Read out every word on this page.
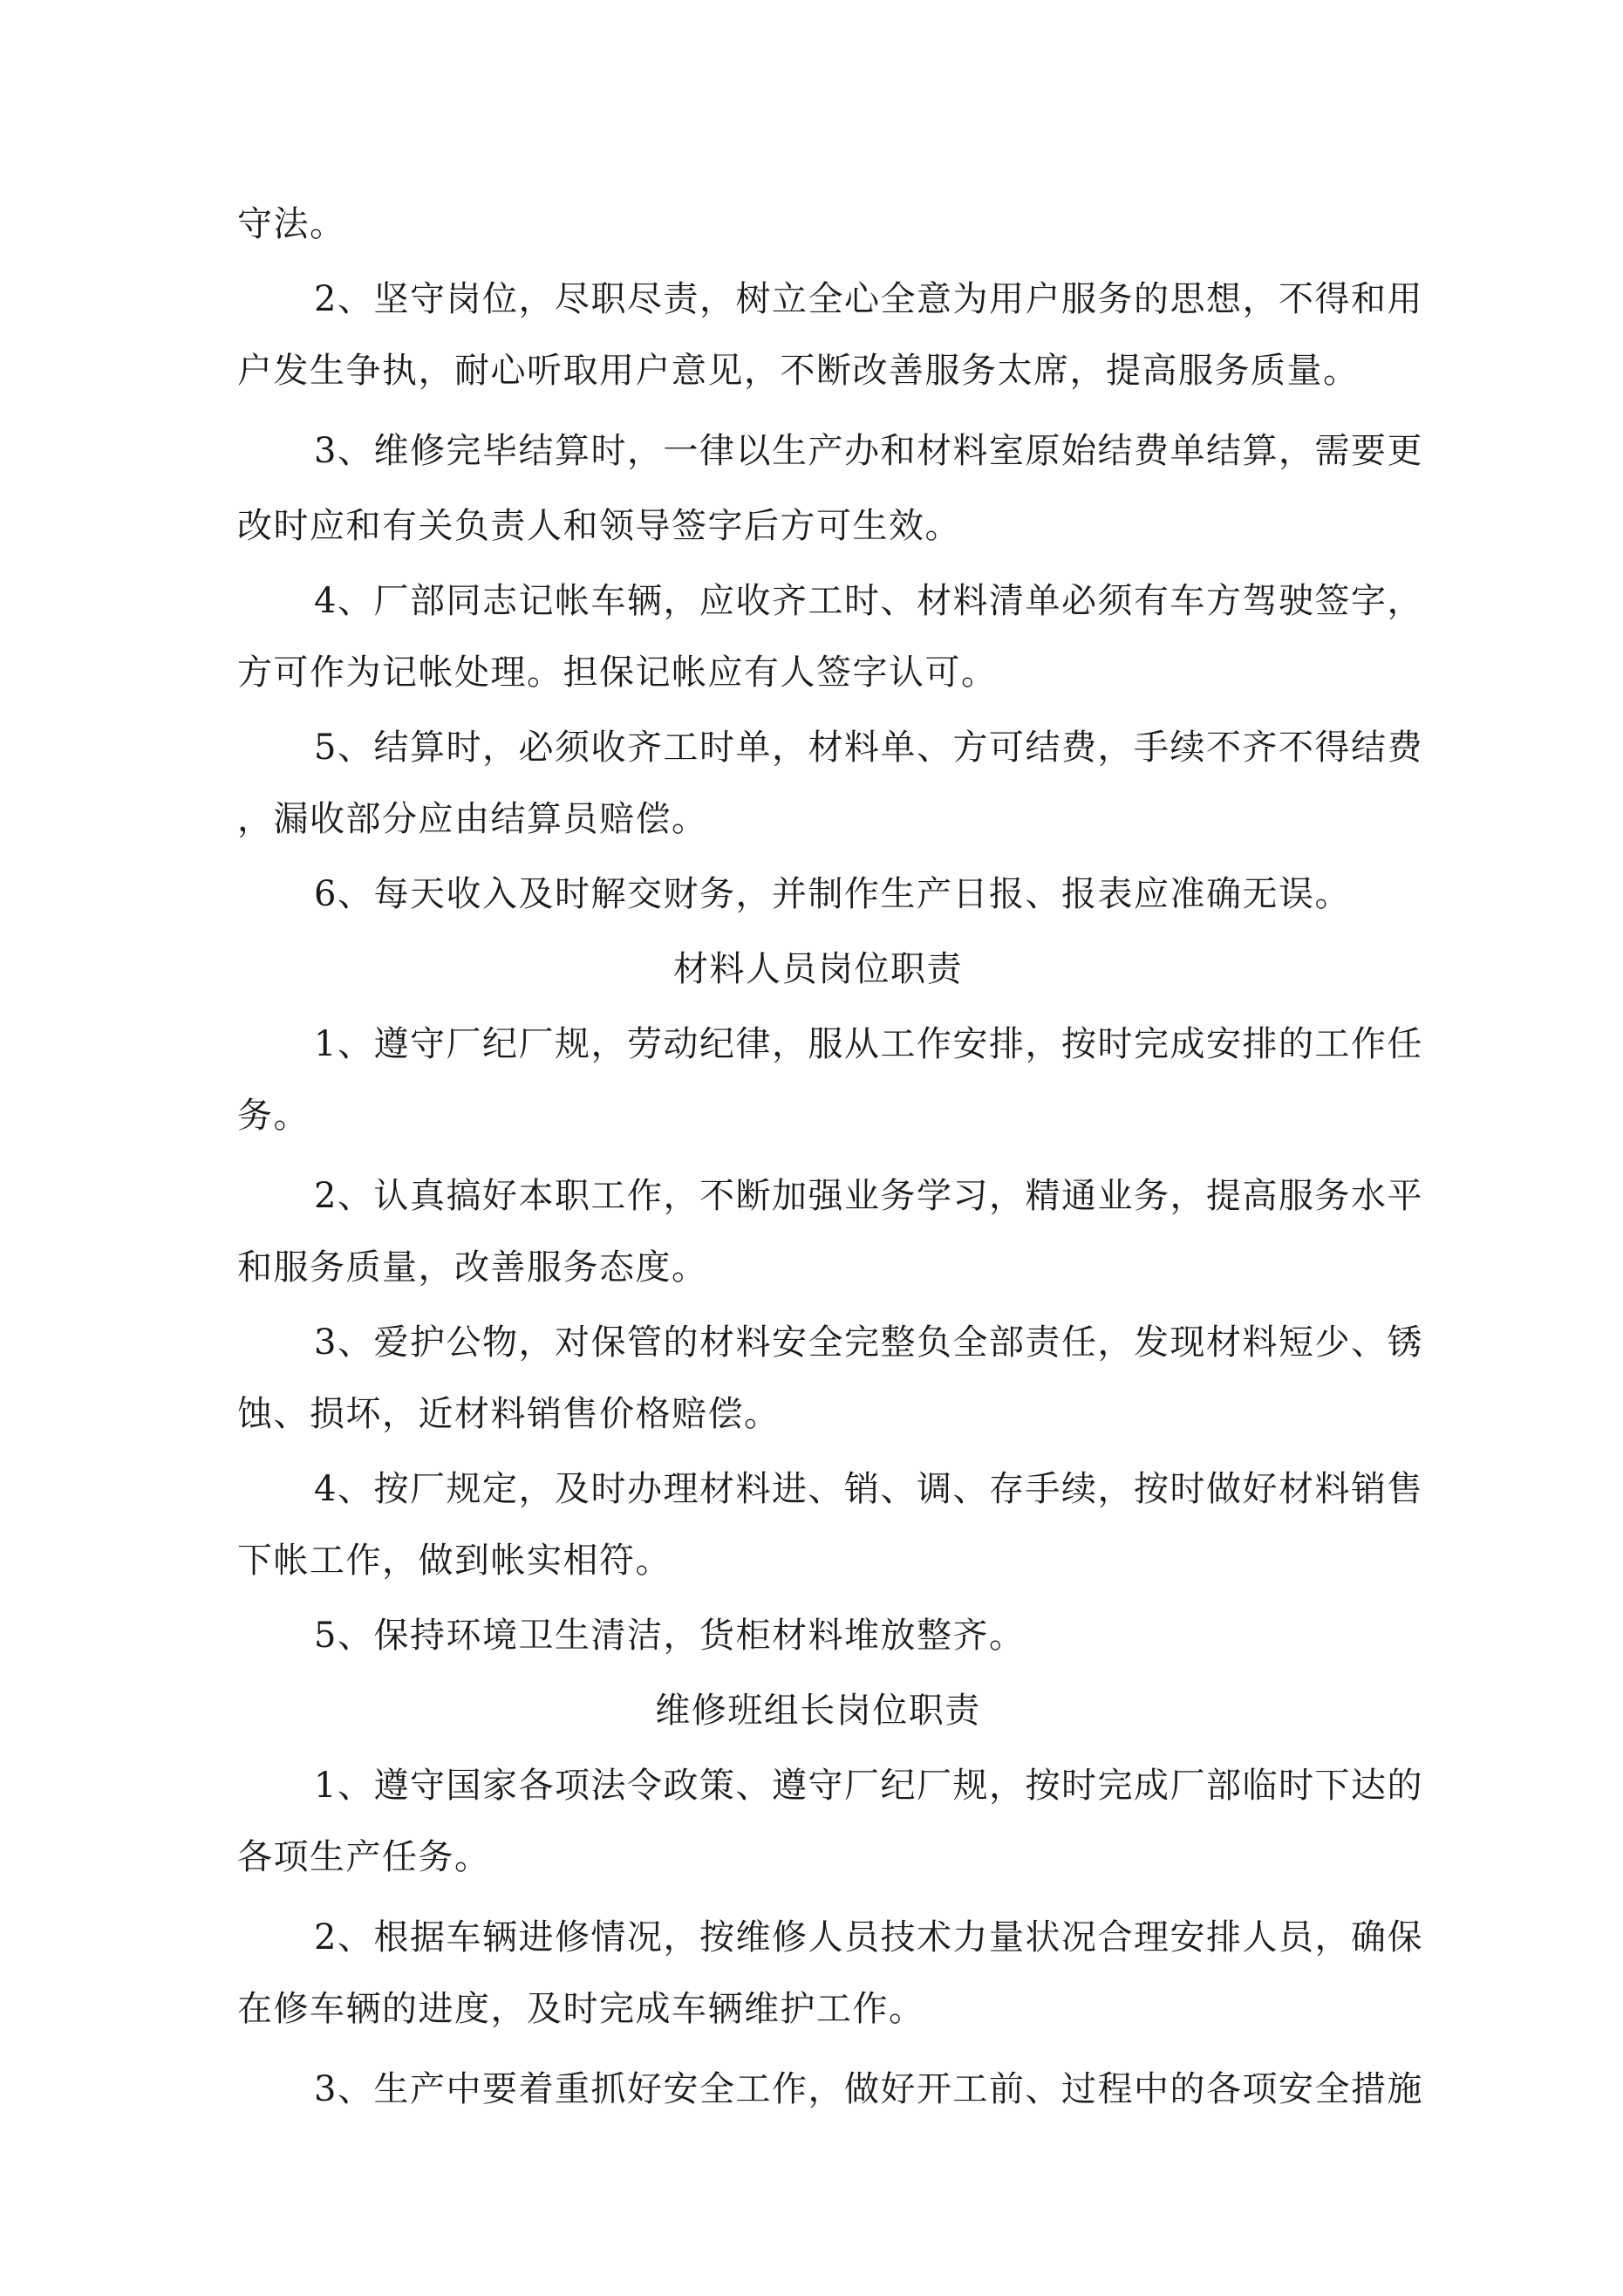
守法。
2、坚守岗位，尽职尽责，树立全心全意为用户服务的思想，不得和用
户发生争执，耐心听取用户意见，不断改善服务太席，提高服务质量。
3、维修完毕结算时，一律以生产办和材料室原始结费单结算，需要更
改时应和有关负责人和领导签字后方可生效。
4、厂部同志记帐车辆，应收齐工时、材料清单必须有车方驾驶签字，
方可作为记帐处理。担保记帐应有人签字认可。
5、结算时，必须收齐工时单，材料单、方可结费，手续不齐不得结费
，漏收部分应由结算员赔偿。
6、每天收入及时解交财务，并制作生产日报、报表应准确无误。
材料人员岗位职责
1、遵守厂纪厂规，劳动纪律，服从工作安排，按时完成安排的工作任
务。
2、认真搞好本职工作，不断加强业务学习，精通业务，提高服务水平
和服务质量，改善服务态度。
3、爱护公物，对保管的材料安全完整负全部责任，发现材料短少、锈
蚀、损坏，近材料销售价格赔偿。
4、按厂规定，及时办理材料进、销、调、存手续，按时做好材料销售
下帐工作，做到帐实相符。
5、保持环境卫生清洁，货柜材料堆放整齐。
维修班组长岗位职责
1、遵守国家各项法令政策、遵守厂纪厂规，按时完成厂部临时下达的
各项生产任务。
2、根据车辆进修情况，按维修人员技术力量状况合理安排人员，确保
在修车辆的进度，及时完成车辆维护工作。
3、生产中要着重抓好安全工作，做好开工前、过程中的各项安全措施
